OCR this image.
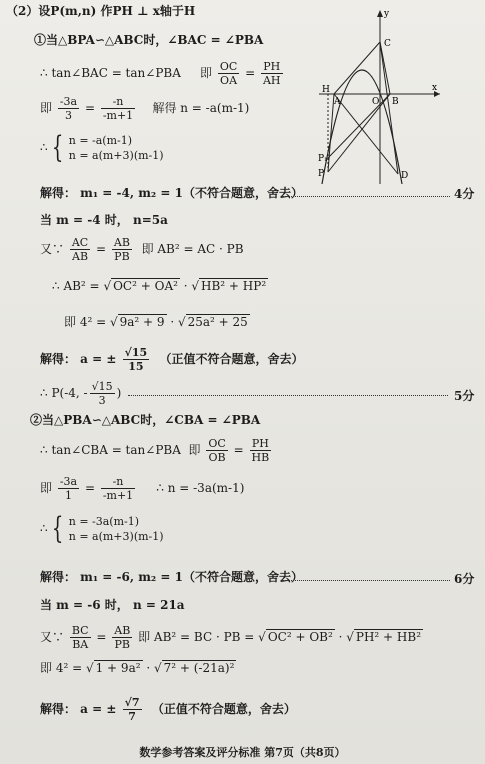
（2）设P(m,n) 作PH ⊥ x轴于H
①当△BPA∽△ABC时，∠BAC = ∠PBA
∴ tan∠BAC = tan∠PBA 即 $\frac{OC}{OA} = \frac{PH}{AH}$
即 $\frac{-3a}{3} = \frac{-n}{-m+1}$ 解得 n = -a(m-1)
∴ { n = -a(m-1)
n = a(m+3)(m-1)
解得： m₁ = -4, m₂ = 1（不符合题意，舍去）	4分
当 m = -4 时， n=5a
又∵ $\frac{AC}{AB} = \frac{AB}{PB}$ 即 AB² = AC · PB
∴ AB² = √ OC² + OA² · √ HB² + HP²
即 4² = √ 9a² + 9 · √ 25a² + 25
解得： a = ± $\frac{√15}{15}$ （正值不符合题意，舍去）
∴ P(-4, - $\frac{√15}{3}$ )	5分
②当△PBA∽△ABC时，∠CBA = ∠PBA
∴ tan∠CBA = tan∠PBA 即 $\frac{OC}{OB} = \frac{PH}{HB}$
即 $\frac{-3a}{1} = \frac{-n}{-m+1}$ ∴ n = -3a(m-1)
∴ { n = -3a(m-1)
n = a(m+3)(m-1)
解得： m₁ = -6, m₂ = 1（不符合题意，舍去）	6分
当 m = -6 时， n = 21a
又∵ $\frac{BC}{BA} = \frac{AB}{PB}$ 即 AB² = BC · PB = √ OC² + OB² · √ PH² + HB²
即 4² = √ 1 + 9a² · √ 7² + (-21a)²
解得： a = ± $\frac{√7}{7}$ （正值不符合题意，舍去）
y
x
C
H
A	O B
P₁
P	D
数学参考答案及评分标准 第7页（共8页）
